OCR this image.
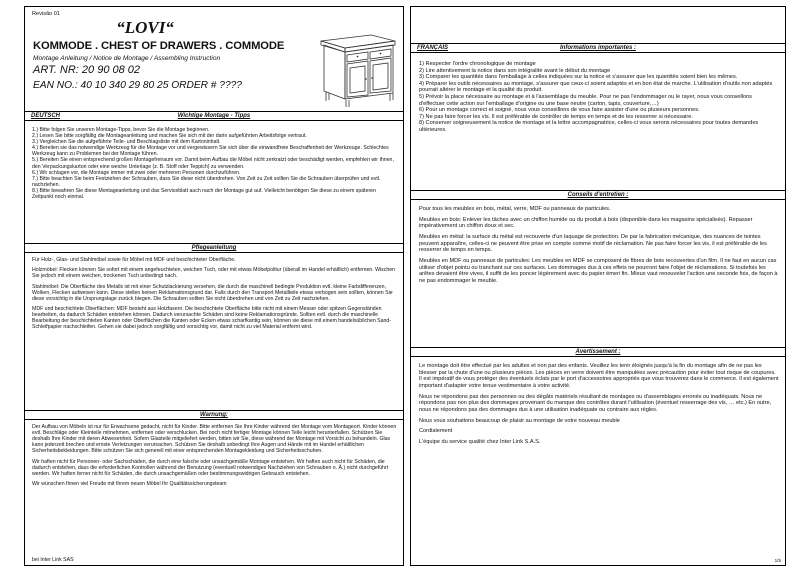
Revisão 01
“LOVI“
KOMMODE . CHEST OF DRAWERS . COMMODE
Montage Anleitung / Notice de Montage / Assembling Instruction
ART. NR: 20 90 08 02
EAN NO.: 40 10 340 29 80 25 ORDER # ????
DEUTSCH	Wichtige Montage - Tipps
1.) Bitte folgen Sie unseren Montage-Tipps, bevor Sie die Montage beginnen.
2.) Lesen Sie bitte sorgfältig die Montageanleitung und machen Sie sich mit der darin aufgeführten Arbeitsfolge vertraut.
3.) Vergleichen Sie die aufgeführte Teile- und Beschlagsliste mit dem Kartoninhalt.
4.) Bereiten sie das notwendige Werkzeug für die Montage vor und vergewissern Sie sich über die einwandfreie Beschaffenheit der Werkzeuge. Schlechtes Werkzeug kann zu Problemen bei der Montage führen.
5.) Bereiten Sie einen entsprechend großen Montagefreiraum vor. Damit beim Aufbau die Möbel nicht zerkratzt oder beschädigt werden, empfehlen wir Ihnen, den Verpackungskarton oder eine weiche Unterlage (z. B. Stoff oder Teppich) zu verwenden.
6.) Wir schlagen vor, die Montage immer mit zwei oder mehreren Personen durchzuführen.
7.) Bitte beachten Sie beim Festziehen der Schrauben, dass Sie diese nicht überdrehen. Von Zeit zu Zeit sollten Sie die Schrauben überprüfen und evtl. nachziehen.
8.) Bitte bewahren Sie diese Montageanleitung und das Serviceblatt auch nach der Montage gut auf. Vielleicht benötigen Sie diese zu einem späteren Zeitpunkt noch einmal.
Pflegeanleitung

Für Holz-, Glas- und Stahlmöbel sowie für Möbel mit MDF und beschichteter Oberfläche.

Holzmöbel: Flecken können Sie sofort mit einem angefeuchteten, weichen Tuch, oder mit etwas Möbelpolitur (überall im Handel erhältlich) entfernen. Wischen Sie jedoch mit einem weichen, trockenen Tuch unbedingt nach.

Stahlmöbel: Die Oberfläche des Metalls ist mit einer Schutzlackierung versehen, die durch die maschinell bedingte Produktion evtl. kleine Farbdifferenzen, Wolken, Flecken aufweisen kann. Diese stellen keinen Reklamationsgrund dar. Falls durch den Transport Metallteile etwas verbogen sein sollten, können Sie diese vorsichtig in die Ursprungslage zurück biegen. Die Schrauben sollten Sie nicht überdrehen und von Zeit zu Zeit nachziehen.

MDF und beschichtete Oberflächen: MDF besteht aus Holzfasern. Die beschichtete Oberfläche bitte nicht mit einem Messer oder spitzen Gegenständen bearbeiten, da dadurch Schäden entstehen können. Dadurch verursachte Schäden sind keine Reklamationsgründe. Sollten evtl. durch die maschinelle Bearbeitung der beschichteten Kanten oder Oberflächen die Kanten oder Ecken etwas scharfkantig sein, können sie diese mit einem handelsüblichen Sand-Schleifpapier nachschleifen. Gehen sie dabei jedoch sorgfältig und vorsichtig vor, damit nicht zu viel Material entfernt wird.

Warnung:

Der Aufbau von Möbeln ist nur für Erwachsene gedacht, nicht für Kinder. Bitte entfernen Sie Ihre Kinder während der Montage vom Montageort. Kinder können evtl. Beschläge oder Kleinteile mitnehmen, entfernen oder verschlucken. Bei noch nicht fertiger Montage können Teile leicht herunterfallen. Schützen Sie deshalb Ihre Kinder mit deren Abwesenheit. Sofern Glasteile mitgeliefert werden, bitten wir Sie, diese während der Montage mit Vorsicht zu behandeln. Glas kann jederzeit brechen und ernste Verletzungen verursachen. Schützen Sie deshalb unbedingt Ihre Augen und Hände mit im Handel erhältlichen Sicherheitsbekleidungen. Bitte schützen Sie sich generell mit einer entsprechenden Montagekleidung und Sicherheitsschuhen.

Wir haften nicht für Personen- oder Sachschäden, die durch eine falsche oder unsachgemäße Montage entstehen. Wir haften auch nicht für Schäden, die dadurch entstehen, dass die erforderlichen Kontrollen während der Benutzung (eventuell notwendiges Nachziehen von Schrauben o. Ä.) nicht durchgeführt werden. Wir haften ferner nicht für Schäden, die durch unsachgemäßen oder bestimmungswidrigen Gebrauch entstehen.

Wir wünschen Ihnen viel Freude mit Ihrem neuen Möbel Ihr Qualitätssicherungsteam

bei Inter Link SAS
FRANÇAIS	Informations importantes :
1) Respecter l'ordre chronologique de montage
2) Lire attentivement la notice dans son intégralité avant le début du montage
3) Comparer les quantités dans l'emballage à celles indiquées sur la notice et s'assurer que les quantités soient bien les mêmes.
4) Préparer les outils nécessaires au montage, s'assurer que ceux-ci soient adaptés et en bon état de marche. L'utilisation d'outils non adaptés pourrait altérer le montage et la qualité du produit.
5) Prévoir la place nécessaire au montage et à l'assemblage du meuble. Pour ne pas l'endommager ou le rayer, nous vous conseillons d'effectuer cette action sur l'emballage d'origine ou une base neutre (carton, tapis, couverture,…)
6) Pour un montage correct et soigné, nous vous conseillons de vous faire assister d'une ou plusieurs personnes.
7) Ne pas faire forcer les vis. Il est préférable de contrôler de temps en temps et de les resserrer si nécessaire.
8) Conserver soigneusement la notice de montage et la lettre accompagnatrice, celles-ci vous serons nécessaires pour toutes demandes ultérieures.
Conseils d'entretien :

Pour tous les meubles en bois, métal, verre, MDF ou panneaux de particules.

Meubles en bois: Enlever les tâches avec un chiffon humide ou du produit à bois (disponible dans les magasins spécialisés). Repasser impérativement un chiffon doux et sec.

Meubles en métal: la surface du métal est recouverte d'un laquage de protection. De par la fabrication mécanique, des nuances de teintes peuvent apparaître, celles-ci ne peuvent être prise en compte comme motif de réclamation. Ne pas faire forcer les vis, il est préférable de les resserrer de temps en temps.

Meubles en MDF ou panneaux de particules: Les meubles en MDF se composent de fibres de bois recouvertes d'un film. Il ne faut en aucun cas utiliser d'objet pointu ou tranchant sur ces surfaces. Les dommages dus à ces effets ne pourront faire l'objet de réclamations. Si toutefois les arêtes devaient être vives, il suffit de les poncer légèrement avec du papier émeri fin. Mieux vaut renouveler l'action une seconde fois, de façon à ne pas endommager le meuble.

Avertissement :

Le montage doit être effectué par les adultes et non par des enfants. Veuillez les tenir éloignés jusqu'à la fin du montage afin de ne pas les blesser par la chute d'une ou plusieurs pièces. Les pièces en verre doivent être manipulées avec précaution pour éviter tout risque de coupures. Il est impératif de vous protéger des éventuels éclats par le port d'accessoires appropriés que vous trouverez dans le commerce. Il est également important d'adapter votre tenue vestimentaire à votre activité.

Nous ne répondons pas des personnes ou des dégâts matériels résultant de montages ou d'assemblages erronés ou inadéquats. Nous ne répondons pas non plus des dommages provenant du manque des contrôles durant l'utilisation (éventuel resserrage des vis, … etc.) En outre, nous ne répondons pas des dommages dus à une utilisation inadéquate ou contraire aux règles.

Nous vous souhaitons beaucoup de plaisir au montage de votre nouveau meuble

Cordialement

L'équipe du service qualité chez Inter Link S.A.S.

1/5
